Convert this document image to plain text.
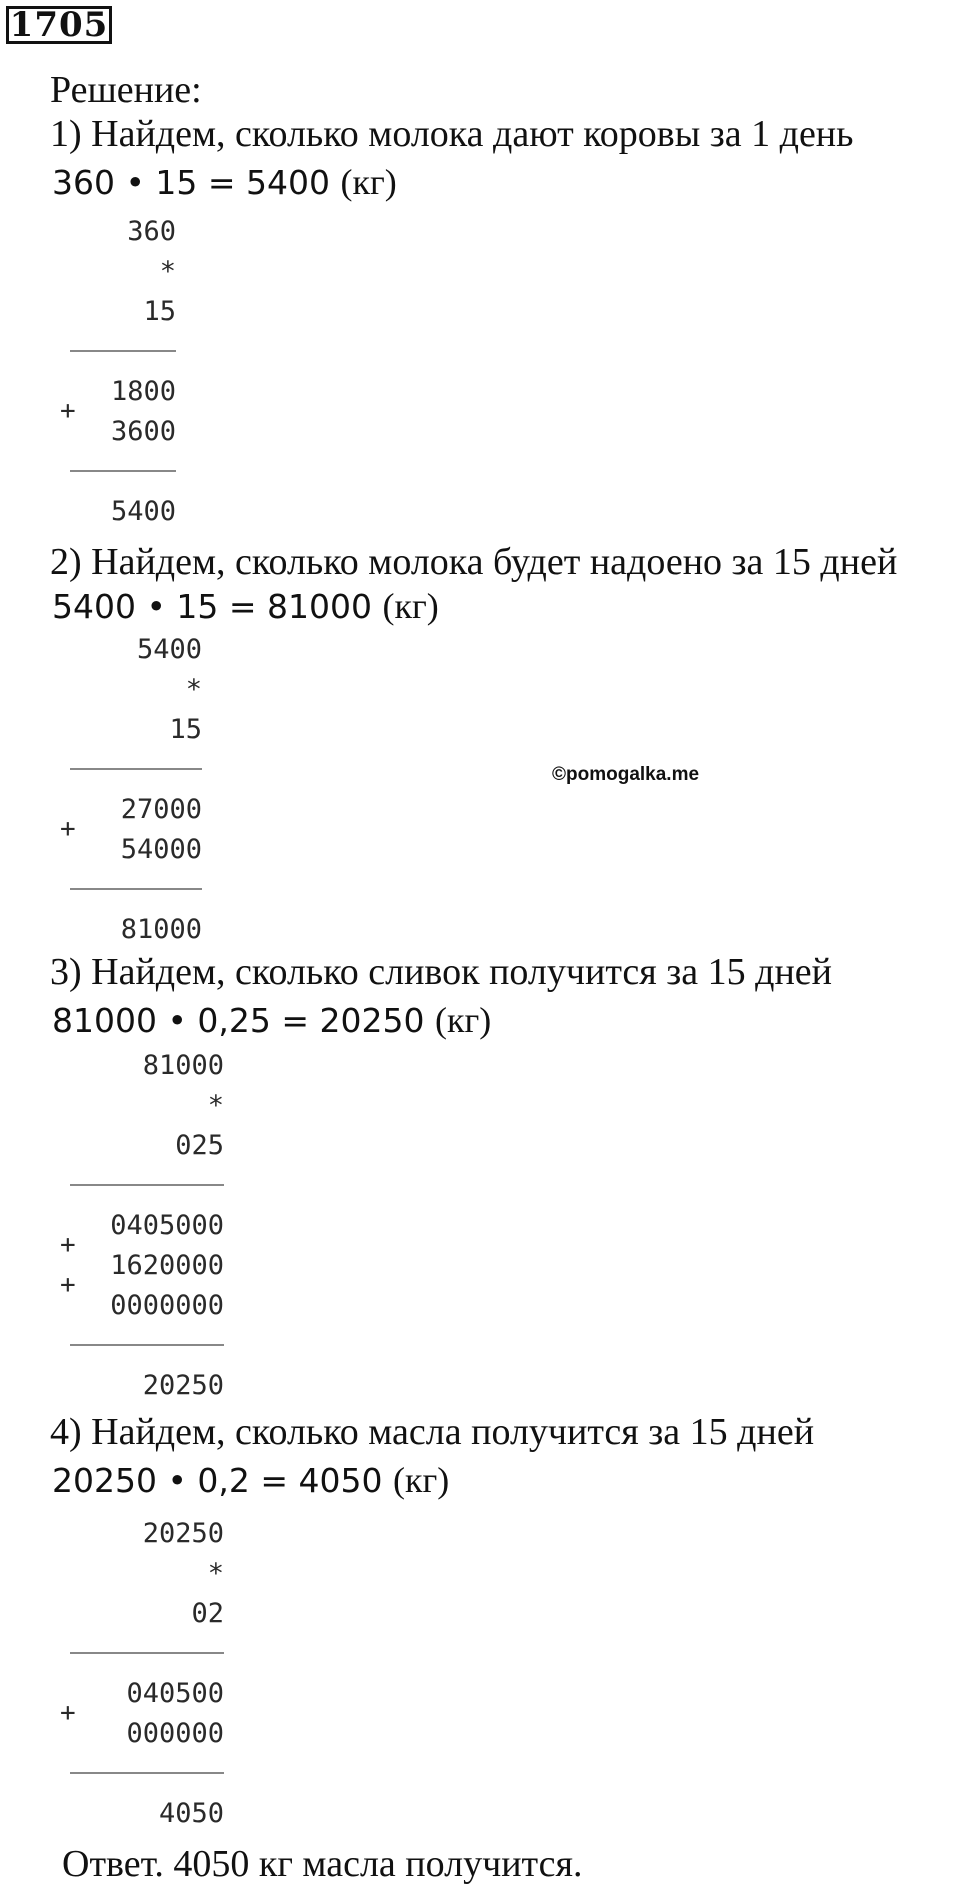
1705
Решение:
1) Найдем, сколько молока дают коровы за 1 день
360 • 15 = 5400 (кг)
360
*
15
1800
+
3600
5400
2) Найдем, сколько молока будет надоено за 15 дней
5400 • 15 = 81000 (кг)
5400
*
15
27000
+
54000
81000
©pomogalka.me
3) Найдем, сколько сливок получится за 15 дней
81000 • 0,25 = 20250 (кг)
81000
*
025
0405000
+
1620000
+
0000000
20250
4) Найдем, сколько масла получится за 15 дней
20250 • 0,2 = 4050 (кг)
20250
*
02
040500
+
000000
4050
Ответ. 4050 кг масла получится.
